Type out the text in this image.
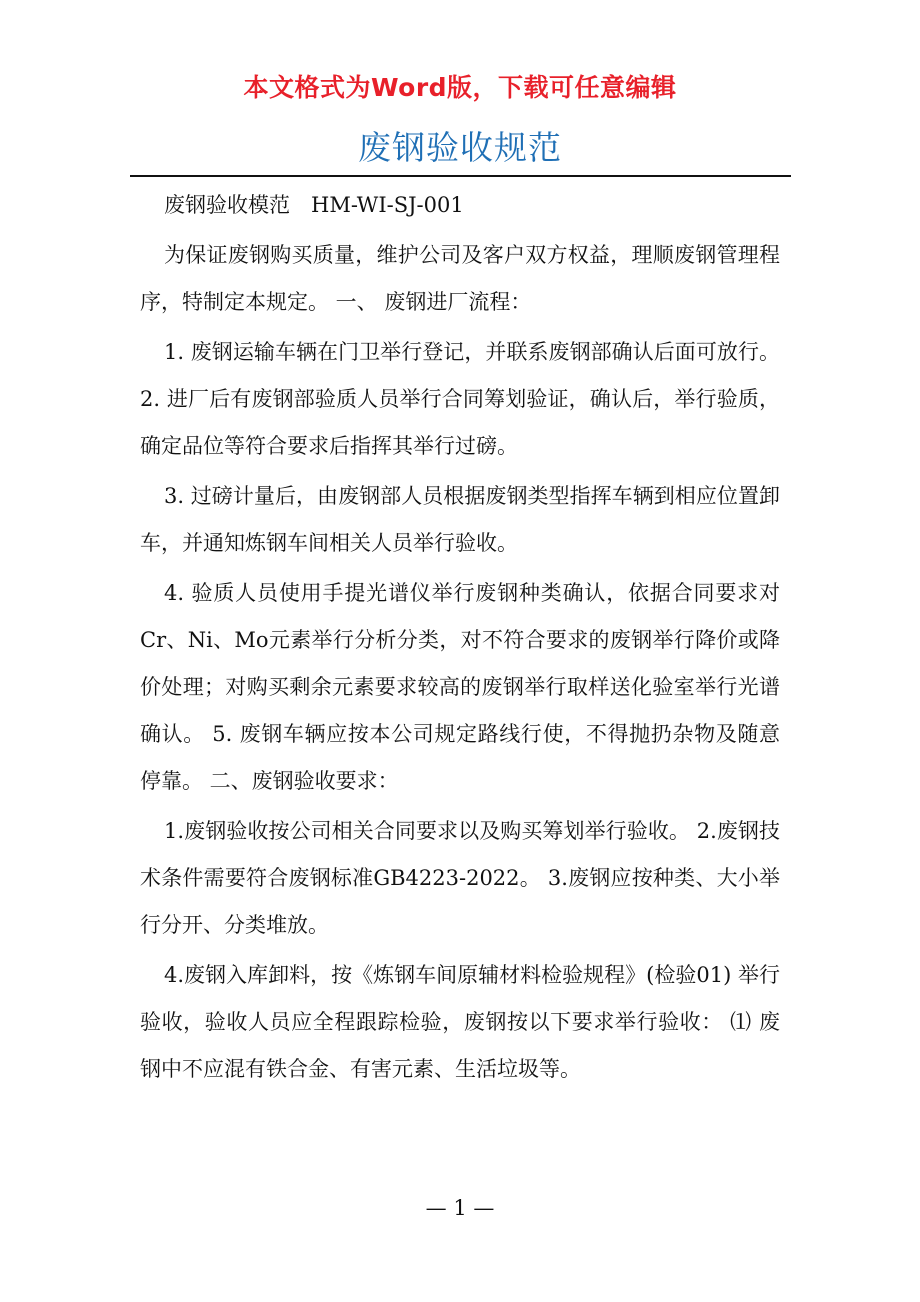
本文格式为Word版，下载可任意编辑
废钢验收规范

废钢验收模范　HM-WI-SJ-001

为保证废钢购买质量，维护公司及客户双方权益，理顺废钢管理程序，特制定本规定。 一、 废钢进厂流程：

1. 废钢运输车辆在门卫举行登记，并联系废钢部确认后面可放行。 2. 进厂后有废钢部验质人员举行合同筹划验证，确认后，举行验质，确定品位等符合要求后指挥其举行过磅。

3. 过磅计量后，由废钢部人员根据废钢类型指挥车辆到相应位置卸车，并通知炼钢车间相关人员举行验收。

4. 验质人员使用手提光谱仪举行废钢种类确认，依据合同要求对Cr、Ni、Mo元素举行分析分类，对不符合要求的废钢举行降价或降价处理；对购买剩余元素要求较高的废钢举行取样送化验室举行光谱确认。 5. 废钢车辆应按本公司规定路线行使，不得抛扔杂物及随意停靠。 二、废钢验收要求：

1.废钢验收按公司相关合同要求以及购买筹划举行验收。 2.废钢技术条件需要符合废钢标准GB4223-2022。 3.废钢应按种类、大小举行分开、分类堆放。

4.废钢入库卸料，按《炼钢车间原辅材料检验规程》(检验01) 举行验收，验收人员应全程跟踪检验，废钢按以下要求举行验收： ⑴ 废钢中不应混有铁合金、有害元素、生活垃圾等。

— 1 —
